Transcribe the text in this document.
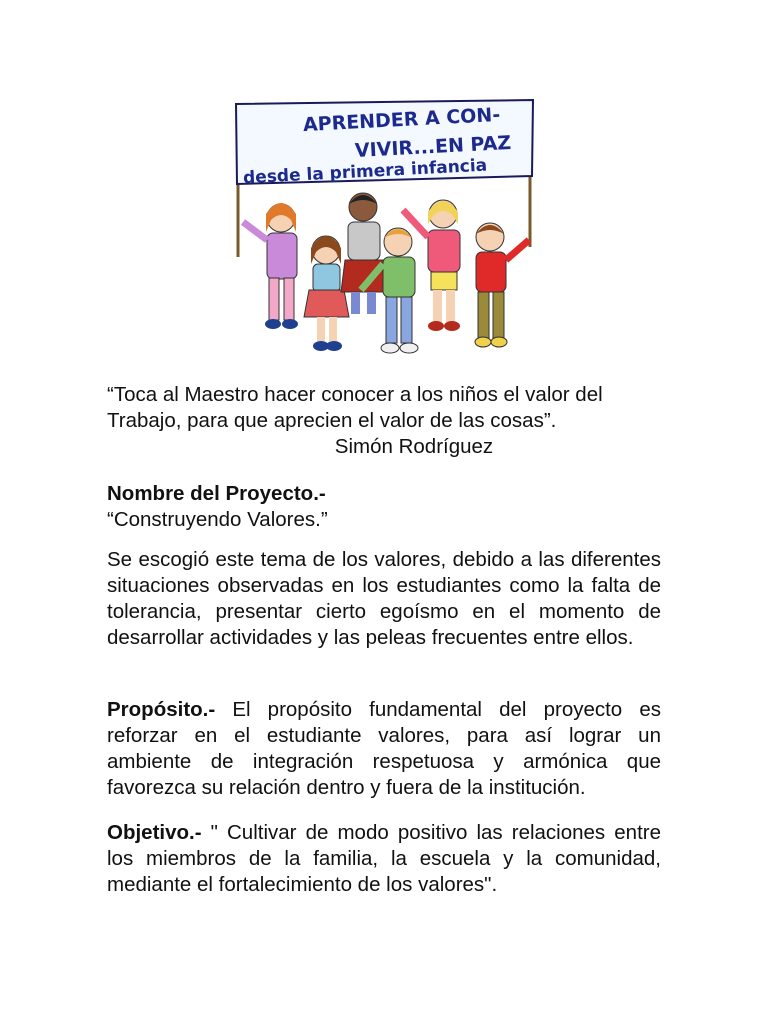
APRENDER A CON-
VIVIR...EN PAZ
desde la primera infancia
“Toca al Maestro hacer conocer a los niños el valor del
Trabajo, para que aprecien el valor de las cosas”.
Simón Rodríguez
Nombre del Proyecto.-
“Construyendo Valores.”
Se escogió este tema de los valores, debido a las diferentes situaciones observadas en los estudiantes como la falta de tolerancia, presentar cierto egoísmo en el momento de desarrollar actividades y las peleas frecuentes entre ellos.
Propósito.- El propósito fundamental del proyecto es reforzar en el estudiante valores, para así lograr un ambiente de integración respetuosa y armónica que favorezca su relación dentro y fuera de la institución.
Objetivo.- " Cultivar de modo positivo las relaciones entre los miembros de la familia, la escuela y la comunidad, mediante el fortalecimiento de los valores".
